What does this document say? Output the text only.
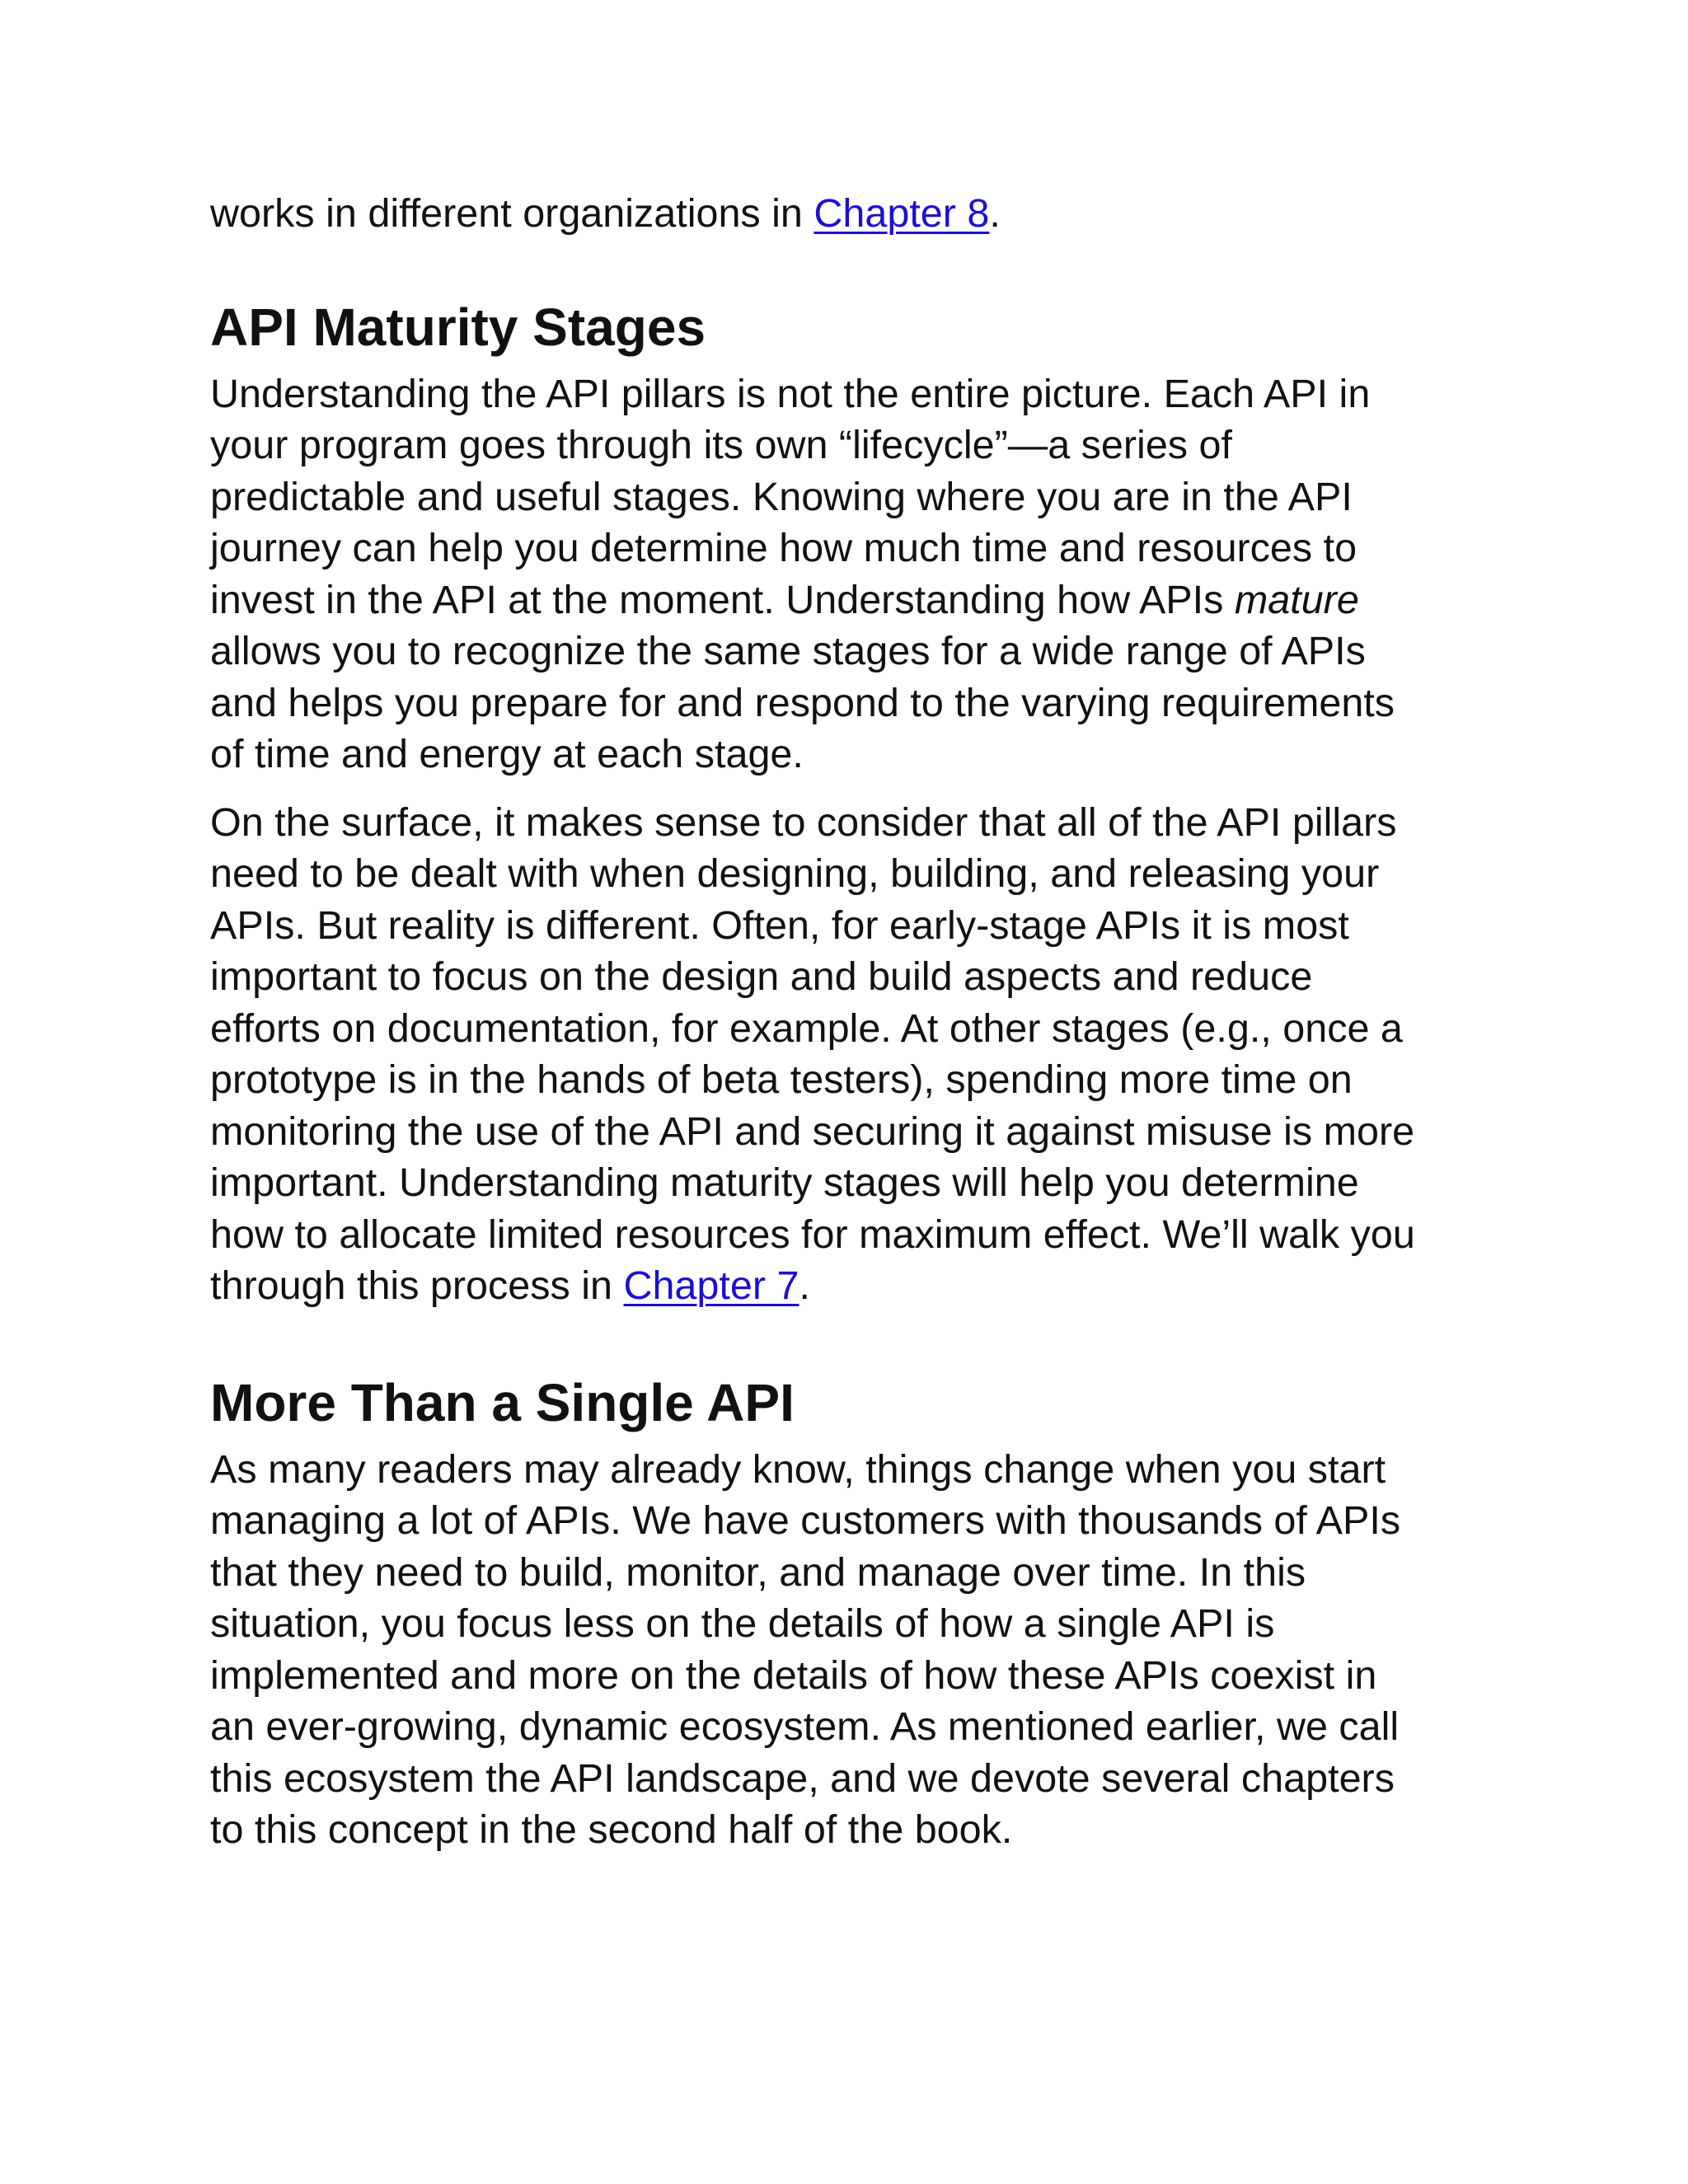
works in different organizations in Chapter 8.

API Maturity Stages

Understanding the API pillars is not the entire picture. Each API in
your program goes through its own “lifecycle”—a series of
predictable and useful stages. Knowing where you are in the API
journey can help you determine how much time and resources to
invest in the API at the moment. Understanding how APIs mature
allows you to recognize the same stages for a wide range of APIs
and helps you prepare for and respond to the varying requirements
of time and energy at each stage.

On the surface, it makes sense to consider that all of the API pillars
need to be dealt with when designing, building, and releasing your
APIs. But reality is different. Often, for early-stage APIs it is most
important to focus on the design and build aspects and reduce
efforts on documentation, for example. At other stages (e.g., once a
prototype is in the hands of beta testers), spending more time on
monitoring the use of the API and securing it against misuse is more
important. Understanding maturity stages will help you determine
how to allocate limited resources for maximum effect. We’ll walk you
through this process in Chapter 7.

More Than a Single API

As many readers may already know, things change when you start
managing a lot of APIs. We have customers with thousands of APIs
that they need to build, monitor, and manage over time. In this
situation, you focus less on the details of how a single API is
implemented and more on the details of how these APIs coexist in
an ever-growing, dynamic ecosystem. As mentioned earlier, we call
this ecosystem the API landscape, and we devote several chapters
to this concept in the second half of the book.
